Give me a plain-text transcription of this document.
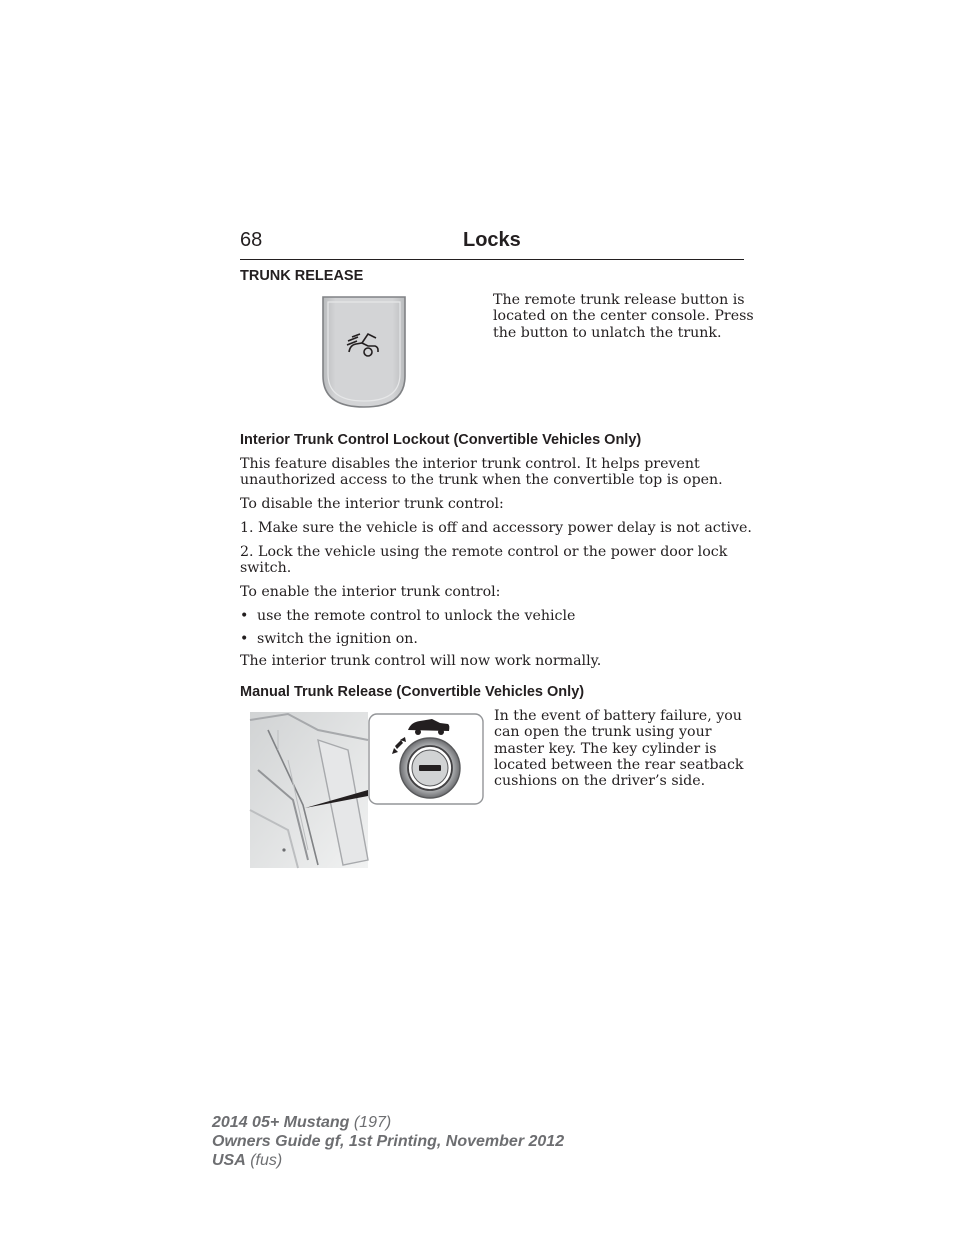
68	Locks
TRUNK RELEASE
The remote trunk release button is
located on the center console. Press
the button to unlatch the trunk.
Interior Trunk Control Lockout (Convertible Vehicles Only)
This feature disables the interior trunk control. It helps prevent
unauthorized access to the trunk when the convertible top is open.
To disable the interior trunk control:
1. Make sure the vehicle is off and accessory power delay is not active.
2. Lock the vehicle using the remote control or the power door lock
switch.
To enable the interior trunk control:
• use the remote control to unlock the vehicle
• switch the ignition on.
The interior trunk control will now work normally.
Manual Trunk Release (Convertible Vehicles Only)
In the event of battery failure, you
can open the trunk using your
master key. The key cylinder is
located between the rear seatback
cushions on the driver’s side.
2014 05+ Mustang (197)
Owners Guide gf, 1st Printing, November 2012
USA (fus)
